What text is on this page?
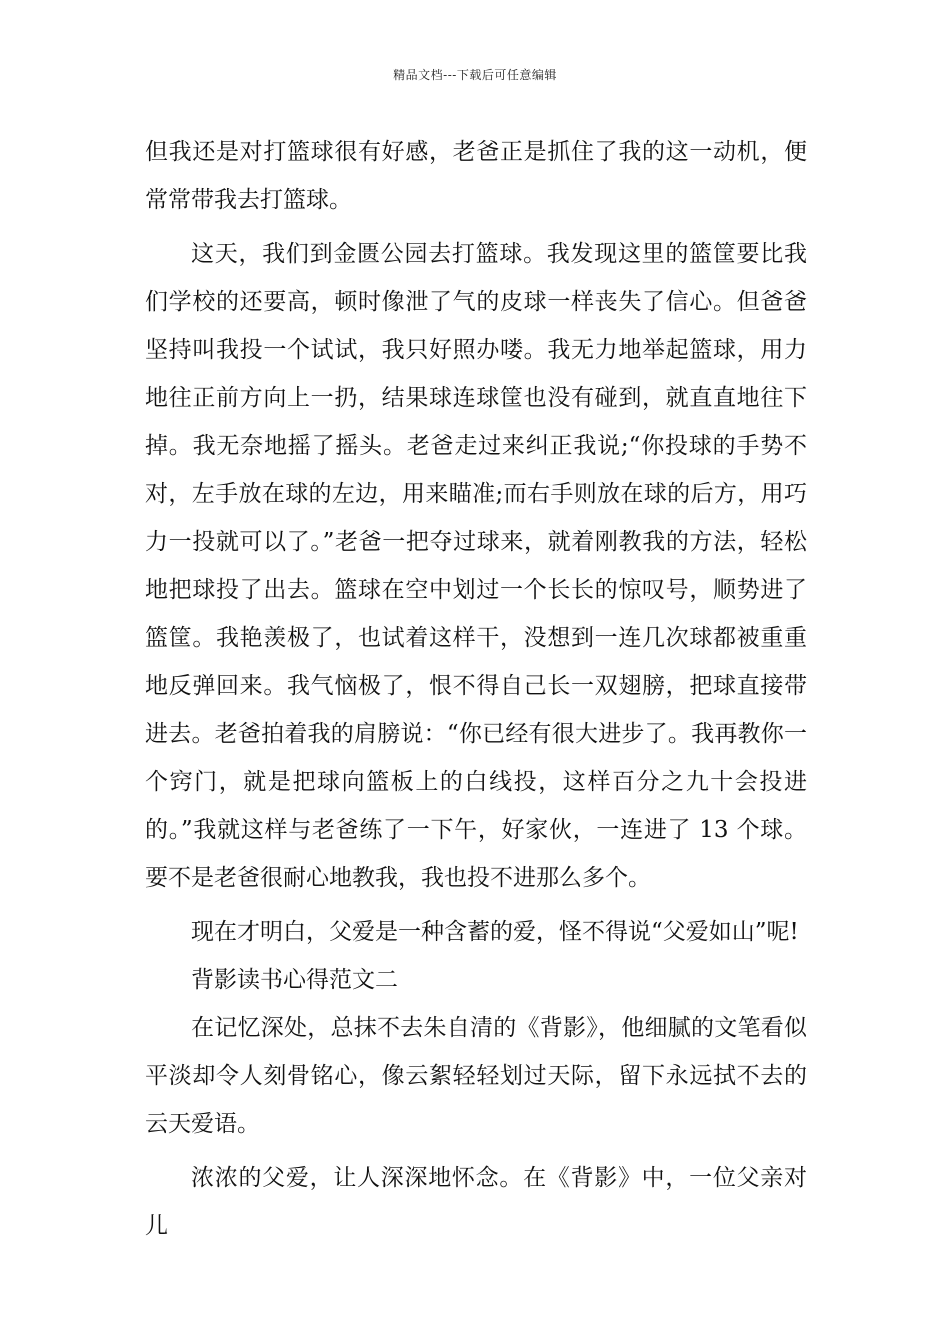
精品文档---下载后可任意编辑

但我还是对打篮球很有好感，老爸正是抓住了我的这一动机，便常常带我去打篮球。

这天，我们到金匮公园去打篮球。我发现这里的篮筐要比我们学校的还要高，顿时像泄了气的皮球一样丧失了信心。但爸爸坚持叫我投一个试试，我只好照办喽。我无力地举起篮球，用力地往正前方向上一扔，结果球连球筐也没有碰到，就直直地往下掉。我无奈地摇了摇头。老爸走过来纠正我说;“你投球的手势不对，左手放在球的左边，用来瞄准;而右手则放在球的后方，用巧力一投就可以了。”老爸一把夺过球来，就着刚教我的方法，轻松地把球投了出去。篮球在空中划过一个长长的惊叹号，顺势进了篮筐。我艳羡极了，也试着这样干，没想到一连几次球都被重重地反弹回来。我气恼极了，恨不得自己长一双翅膀，把球直接带进去。老爸拍着我的肩膀说：“你已经有很大进步了。我再教你一个窍门，就是把球向篮板上的白线投，这样百分之九十会投进的。”我就这样与老爸练了一下午，好家伙，一连进了 13 个球。要不是老爸很耐心地教我，我也投不进那么多个。

现在才明白，父爱是一种含蓄的爱，怪不得说“父爱如山”呢!

背影读书心得范文二

在记忆深处，总抹不去朱自清的《背影》，他细腻的文笔看似平淡却令人刻骨铭心，像云絮轻轻划过天际，留下永远拭不去的云天爱语。

浓浓的父爱，让人深深地怀念。在《背影》中，一位父亲对儿
